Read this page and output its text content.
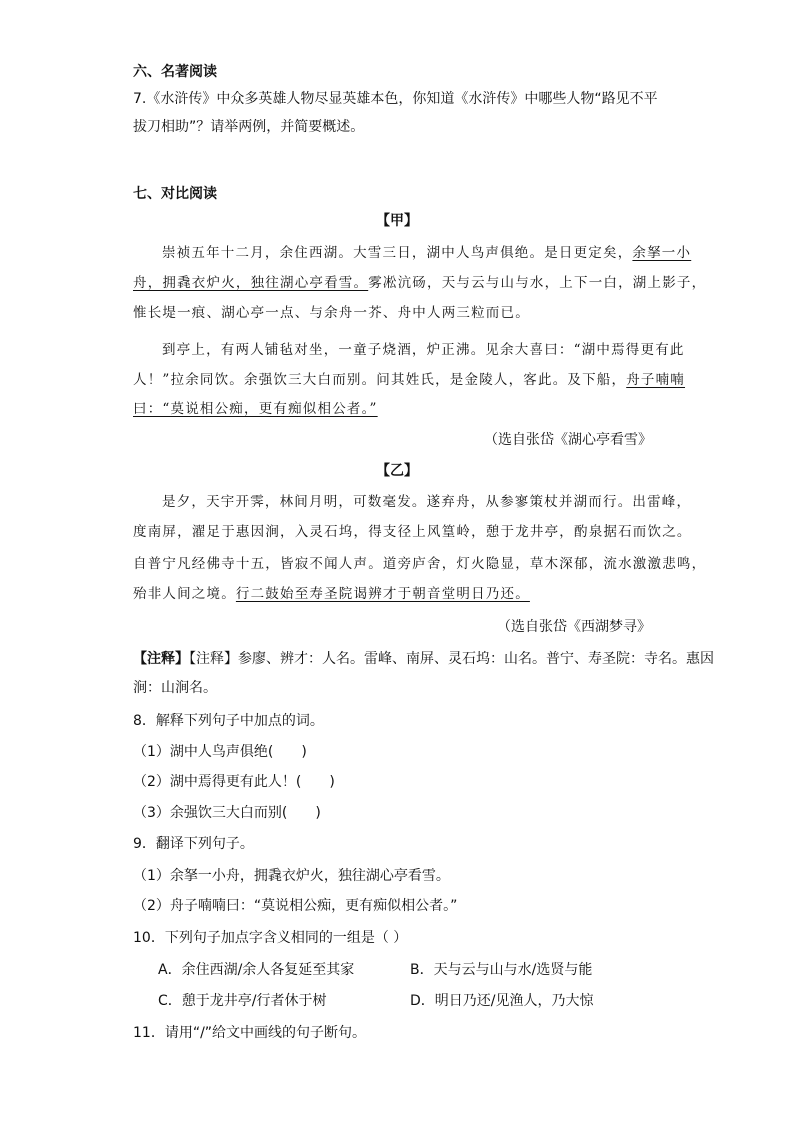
六、名著阅读
7.《水浒传》中众多英雄人物尽显英雄本色，你知道《水浒传》中哪些人物“路见不平
拔刀相助”？请举两例，并简要概述。
七、对比阅读
【甲】
崇祯五年十二月，余住西湖。大雪三日，湖中人鸟声俱绝。是日更定矣，余拏一小
舟，拥毳衣炉火，独往湖心亭看雪。雾凇沆砀，天与云与山与水，上下一白，湖上影子，
惟长堤一痕、湖心亭一点、与余舟一芥、舟中人两三粒而已。
到亭上，有两人铺毡对坐，一童子烧酒，炉正沸。见余大喜曰：“湖中焉得更有此
人！”拉余同饮。余强饮三大白而别。问其姓氏，是金陵人，客此。及下船，舟子喃喃
曰：“莫说相公痴，更有痴似相公者。”
（选自张岱《湖心亭看雪》
【乙】
是夕，天宇开霁，林间月明，可数毫发。遂弃舟，从参寥策杖并湖而行。出雷峰，
度南屏，濯足于惠因涧，入灵石坞，得支径上风篁岭，憩于龙井亭，酌泉据石而饮之。
自普宁凡经佛寺十五，皆寂不闻人声。道旁庐舍，灯火隐显，草木深郁，流水激激悲鸣，
殆非人间之境。行二鼓始至寿圣院谒辨才于朝音堂明日乃还。
（选自张岱《西湖梦寻》
【注释】【注释】参廖、辨才：人名。雷峰、南屏、灵石坞：山名。普宁、寿圣院：寺名。惠因
涧：山涧名。
8．解释下列句子中加点的词。
（1）湖中人鸟声俱绝(　　)
（2）湖中焉得更有此人！(　　)
（3）余强饮三大白而别(　　)
9．翻译下列句子。
（1）余拏一小舟，拥毳衣炉火，独往湖心亭看雪。
（2）舟子喃喃曰：“莫说相公痴，更有痴似相公者。”
10．下列句子加点字含义相同的一组是（ ）
A．余住西湖/余人各复延至其家	B．天与云与山与水/选贤与能
C．憩于龙井亭/行者休于树	D．明日乃还/见渔人，乃大惊
11．请用“/”给文中画线的句子断句。
